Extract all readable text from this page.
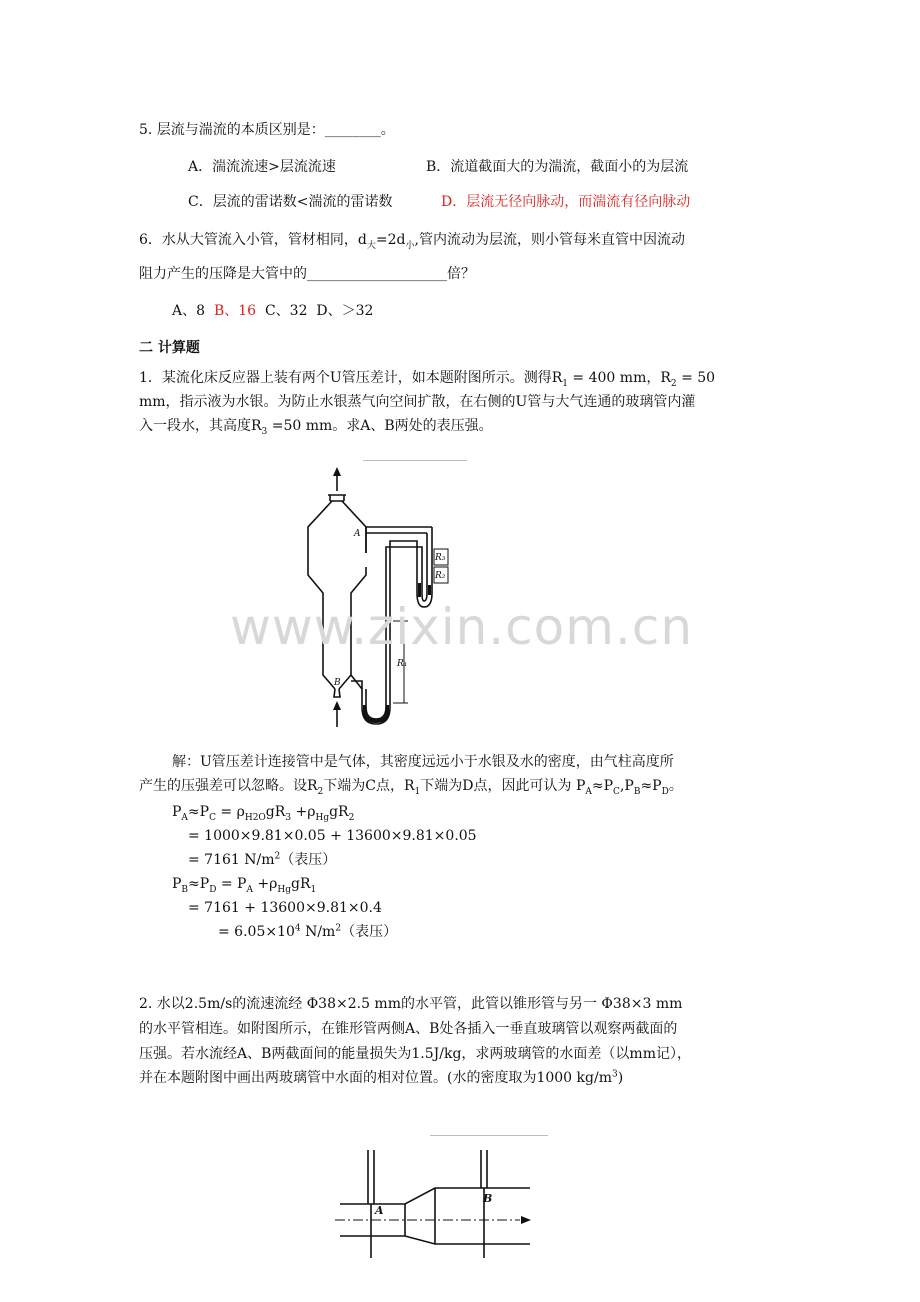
5. 层流与湍流的本质区别是：________。
A．湍流流速>层流流速	B．流道截面大的为湍流，截面小的为层流
C．层流的雷诺数<湍流的雷诺数	D．层流无径向脉动，而湍流有径向脉动
6．水从大管流入小管，管材相同，$d_大=2d_小$,管内流动为层流，则小管每米直管中因流动
阻力产生的压降是大管中的____________________倍？
A、8 B、16 C、32 D、＞32
二 计算题
1．某流化床反应器上装有两个U管压差计，如本题附图所示。测得$R_1 = 400$ mm，$R_2 = 50$
mm，指示液为水银。为防止水银蒸气向空间扩散，在右侧的U管与大气连通的玻璃管内灌
入一段水，其高度$R_3 =50$ mm。求A、B两处的表压强。
A
B
R₁
R₃
R₂
www.zixin.com.cn
解：U管压差计连接管中是气体，其密度远远小于水银及水的密度，由气柱高度所
产生的压强差可以忽略。设$R_2$下端为C点，$R_1$下端为D点，因此可认为 $P_A\approx P_C,P_B\approx P_D$。
$P_A\approx P_C = \rho_{H2O}gR_3 +\rho_{Hg}gR_2$
= 1000×9.81×0.05 + 13600×9.81×0.05
= 7161 $N/m^2$（表压）
$P_B\approx P_D = P_A +\rho_{Hg}gR_1$
= 7161 + 13600×9.81×0.4
= $6.05\times 10^4$ $N/m^2$（表压）
2. 水以2.5m/s的流速流经 Φ38×2.5 mm的水平管，此管以锥形管与另一 Φ38×3 mm
的水平管相连。如附图所示，在锥形管两侧A、B处各插入一垂直玻璃管以观察两截面的
压强。若水流经A、B两截面间的能量损失为1.5J/kg，求两玻璃管的水面差（以mm记），
并在本题附图中画出两玻璃管中水面的相对位置。(水的密度取为1000 $kg/m^3$)
A
B
